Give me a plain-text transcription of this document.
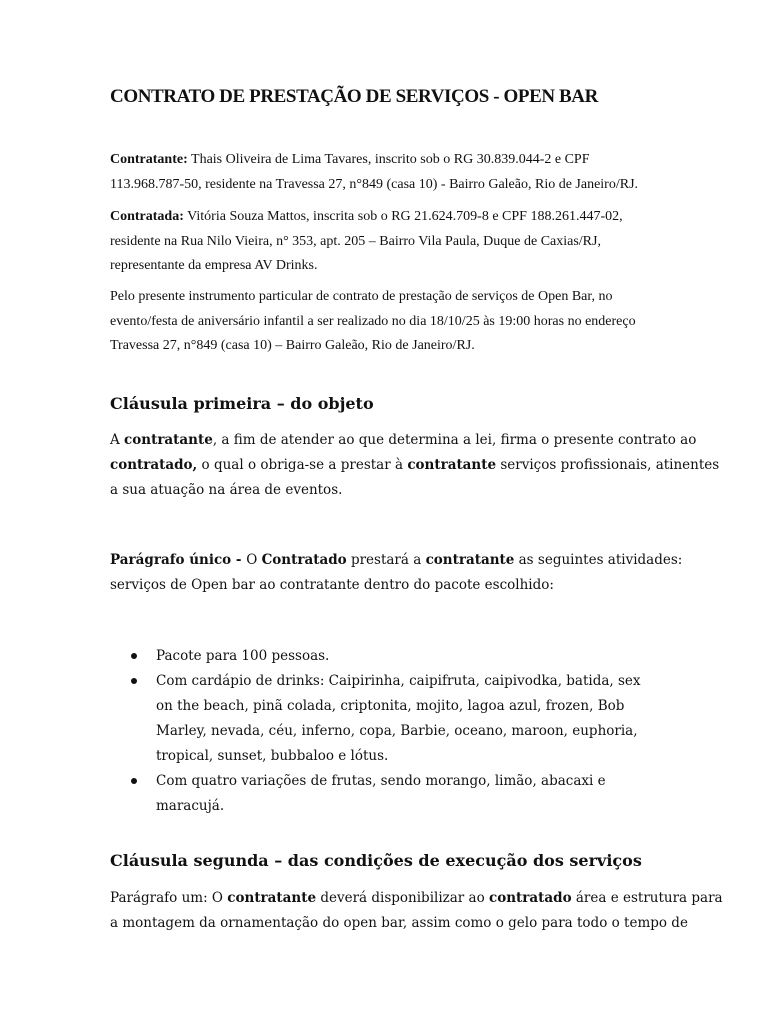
CONTRATO DE PRESTAÇÃO DE SERVIÇOS - OPEN BAR
Contratante: Thais Oliveira de Lima Tavares, inscrito sob o RG 30.839.044-2 e CPF
113.968.787-50, residente na Travessa 27, n°849 (casa 10) - Bairro Galeão, Rio de Janeiro/RJ.
Contratada: Vitória Souza Mattos, inscrita sob o RG 21.624.709-8 e CPF 188.261.447-02,
residente na Rua Nilo Vieira, n° 353, apt. 205 – Bairro Vila Paula, Duque de Caxias/RJ,
representante da empresa AV Drinks.
Pelo presente instrumento particular de contrato de prestação de serviços de Open Bar, no
evento/festa de aniversário infantil a ser realizado no dia 18/10/25 às 19:00 horas no endereço
Travessa 27, n°849 (casa 10) – Bairro Galeão, Rio de Janeiro/RJ.
Cláusula primeira – do objeto
A contratante, a fim de atender ao que determina a lei, firma o presente contrato ao
contratado, o qual o obriga-se a prestar à contratante serviços profissionais, atinentes
a sua atuação na área de eventos.
Parágrafo único - O Contratado prestará a contratante as seguintes atividades:
serviços de Open bar ao contratante dentro do pacote escolhido:
Pacote para 100 pessoas.
Com cardápio de drinks: Caipirinha, caipifruta, caipivodka, batida, sex on the beach, pinã colada, criptonita, mojito, lagoa azul, frozen, Bob Marley, nevada, céu, inferno, copa, Barbie, oceano, maroon, euphoria, tropical, sunset, bubbaloo e lótus.
Com quatro variações de frutas, sendo morango, limão, abacaxi e maracujá.
Cláusula segunda – das condições de execução dos serviços
Parágrafo um: O contratante deverá disponibilizar ao contratado área e estrutura para
a montagem da ornamentação do open bar, assim como o gelo para todo o tempo de
